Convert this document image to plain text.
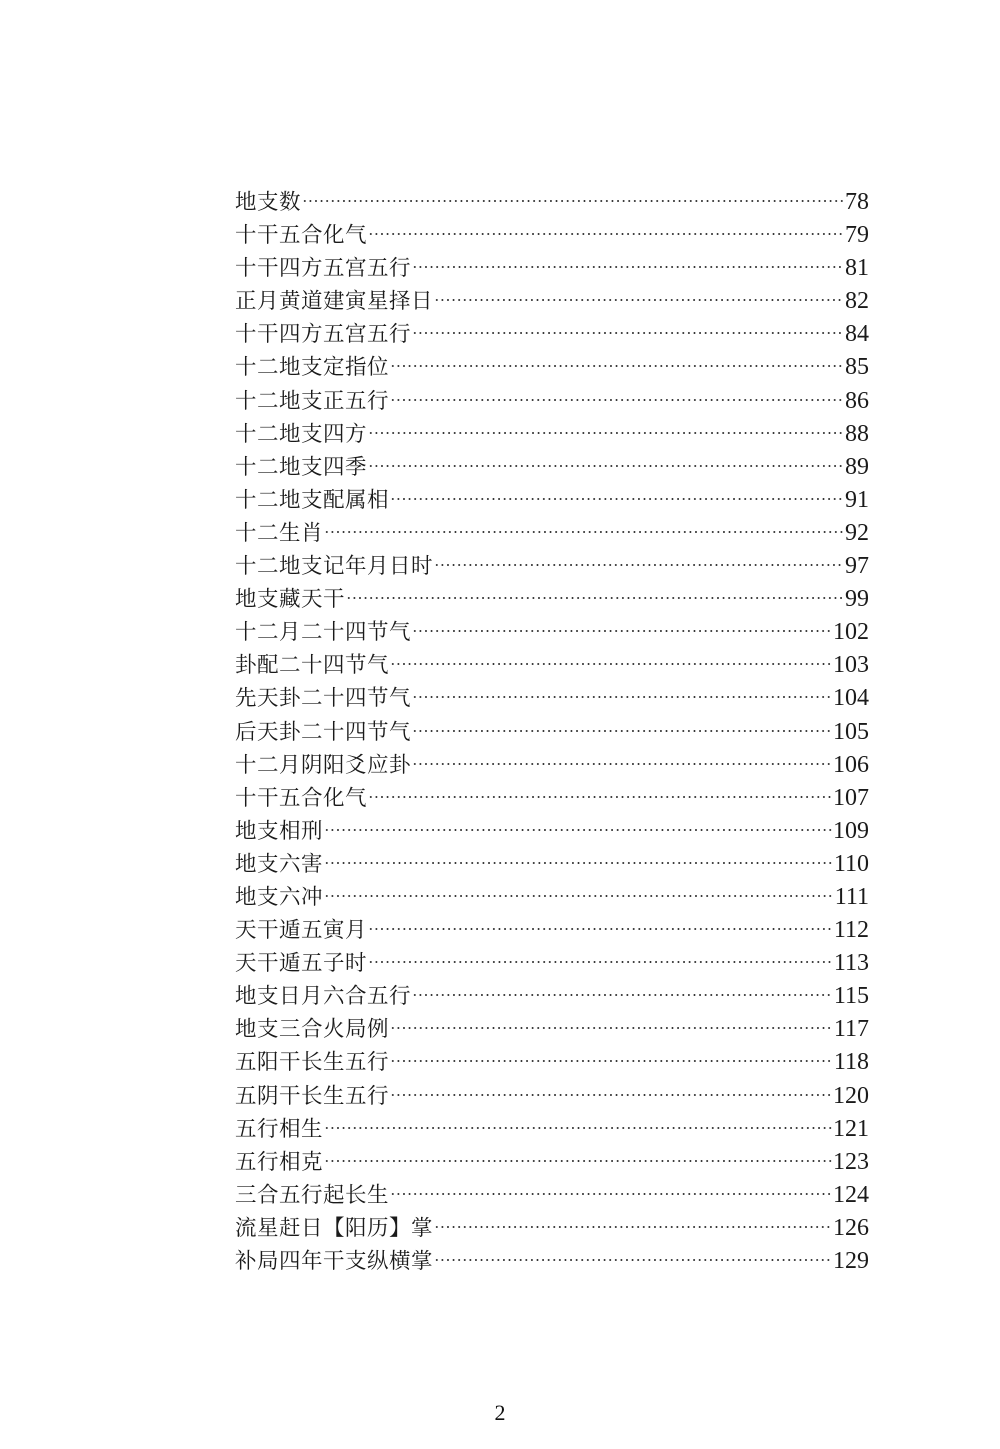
地支数	78
十干五合化气	79
十干四方五宫五行	81
正月黄道建寅星择日	82
十干四方五宫五行	84
十二地支定指位	85
十二地支正五行	86
十二地支四方	88
十二地支四季	89
十二地支配属相	91
十二生肖	92
十二地支记年月日时	97
地支藏天干	99
十二月二十四节气	102
卦配二十四节气	103
先天卦二十四节气	104
后天卦二十四节气	105
十二月阴阳爻应卦	106
十干五合化气	107
地支相刑	109
地支六害	110
地支六冲	111
天干遁五寅月	112
天干遁五子时	113
地支日月六合五行	115
地支三合火局例	117
五阳干长生五行	118
五阴干长生五行	120
五行相生	121
五行相克	123
三合五行起长生	124
流星赶日【阳历】掌	126
补局四年干支纵横掌	129
2
